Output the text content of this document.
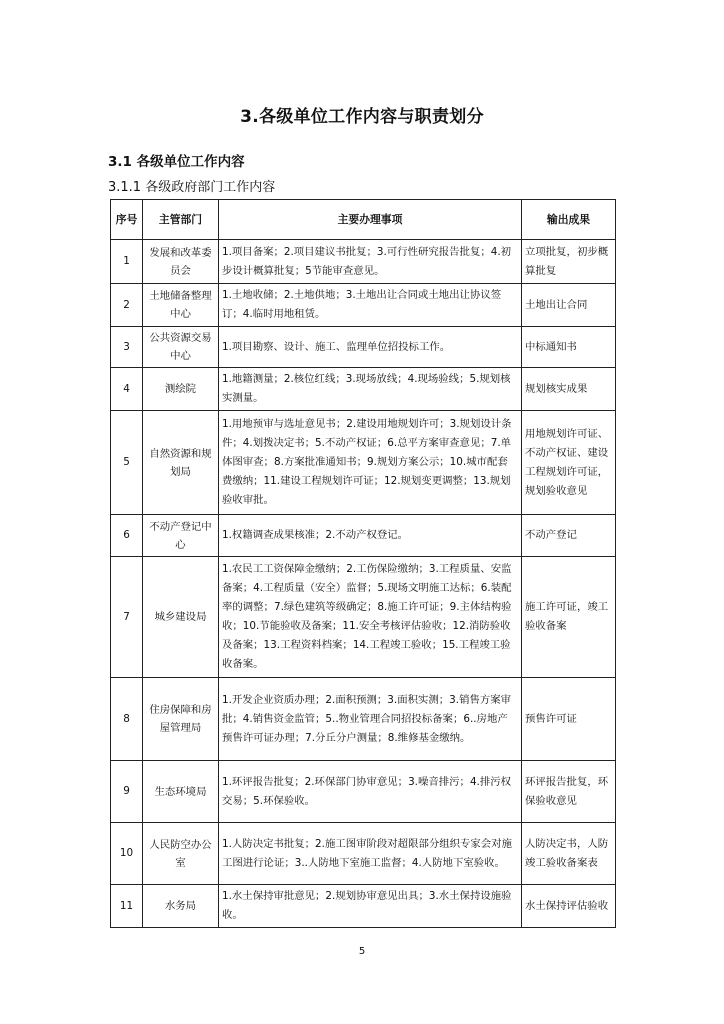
3.各级单位工作内容与职责划分
3.1 各级单位工作内容
3.1.1 各级政府部门工作内容
序号	主管部门	主要办理事项	输出成果
1	发展和改革委员会	1.项目备案；2.项目建议书批复；3.可行性研究报告批复；4.初步设计概算批复；5节能审查意见。	立项批复，初步概算批复
2	土地储备整理中心	1.土地收储；2.土地供地；3.土地出让合同或土地出让协议签订；4.临时用地租赁。	土地出让合同
3	公共资源交易中心	1.项目勘察、设计、施工、监理单位招投标工作。	中标通知书
4	测绘院	1.地籍测量；2.核位红线；3.现场放线；4.现场验线；5.规划核实测量。	规划核实成果
5	自然资源和规划局	1.用地预审与选址意见书；2.建设用地规划许可；3.规划设计条件；4.划拨决定书；5.不动产权证；6.总平方案审查意见；7.单体图审查；8.方案批准通知书；9.规划方案公示；10.城市配套费缴纳；11.建设工程规划许可证；12.规划变更调整；13.规划验收审批。	用地规划许可证、不动产权证、建设工程规划许可证，规划验收意见
6	不动产登记中心	1.权籍调查成果核准；2.不动产权登记。	不动产登记
7	城乡建设局	1.农民工工资保障金缴纳；2.工伤保险缴纳；3.工程质量、安监备案；4.工程质量（安全）监督；5.现场文明施工达标；6.装配率的调整；7.绿色建筑等级确定；8.施工许可证；9.主体结构验收；10.节能验收及备案；11.安全考核评估验收；12.消防验收及备案；13.工程资料档案；14.工程竣工验收；15.工程竣工验收备案。	施工许可证，竣工验收备案
8	住房保障和房屋管理局	1.开发企业资质办理；2.面积预测；3.面积实测；3.销售方案审批；4.销售资金监管；5..物业管理合同招投标备案；6..房地产预售许可证办理；7.分丘分户测量；8.维修基金缴纳。	预售许可证
9	生态环境局	1.环评报告批复；2.环保部门协审意见；3.噪音排污；4.排污权交易；5.环保验收。	环评报告批复，环保验收意见
10	人民防空办公室	1.人防决定书批复；2.施工图审阶段对超限部分组织专家会对施工图进行论证；3..人防地下室施工监督；4.人防地下室验收。	人防决定书，人防竣工验收备案表
11	水务局	1.水土保持审批意见；2.规划协审意见出具；3.水土保持设施验收。	水土保持评估验收
5
